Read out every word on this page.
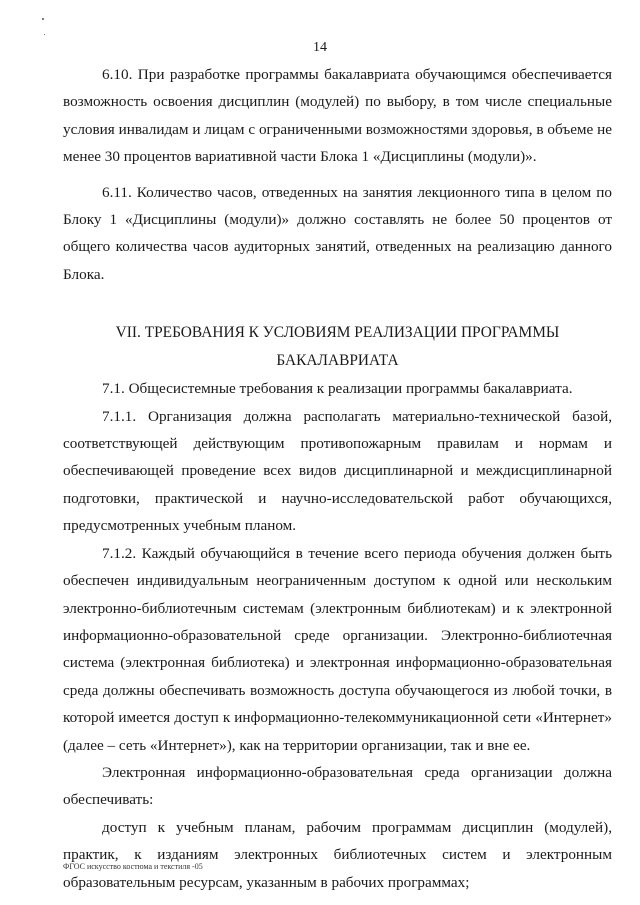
14

6.10. При разработке программы бакалавриата обучающимся обеспечивается возможность освоения дисциплин (модулей) по выбору, в том числе специальные условия инвалидам и лицам с ограниченными возможностями здоровья, в объеме не менее 30 процентов вариативной части Блока 1 «Дисциплины (модули)».

6.11. Количество часов, отведенных на занятия лекционного типа в целом по Блоку 1 «Дисциплины (модули)» должно составлять не более 50 процентов от общего количества часов аудиторных занятий, отведенных на реализацию данного Блока.

VII. ТРЕБОВАНИЯ К УСЛОВИЯМ РЕАЛИЗАЦИИ ПРОГРАММЫ
БАКАЛАВРИАТА

7.1. Общесистемные требования к реализации программы бакалавриата.

7.1.1. Организация должна располагать материально-технической базой, соответствующей действующим противопожарным правилам и нормам и обеспечивающей проведение всех видов дисциплинарной и междисциплинарной подготовки, практической и научно-исследовательской работ обучающихся, предусмотренных учебным планом.

7.1.2. Каждый обучающийся в течение всего периода обучения должен быть обеспечен индивидуальным неограниченным доступом к одной или нескольким электронно-библиотечным системам (электронным библиотекам) и к электронной информационно-образовательной среде организации. Электронно-библиотечная система (электронная библиотека) и электронная информационно-образовательная среда должны обеспечивать возможность доступа обучающегося из любой точки, в которой имеется доступ к информационно-телекоммуникационной сети «Интернет» (далее – сеть «Интернет»), как на территории организации, так и вне ее.

Электронная информационно-образовательная среда организации должна обеспечивать:

доступ к учебным планам, рабочим программам дисциплин (модулей), практик, к изданиям электронных библиотечных систем и электронным образовательным ресурсам, указанным в рабочих программах;

ФГОС искусство костюма и текстиля -05
